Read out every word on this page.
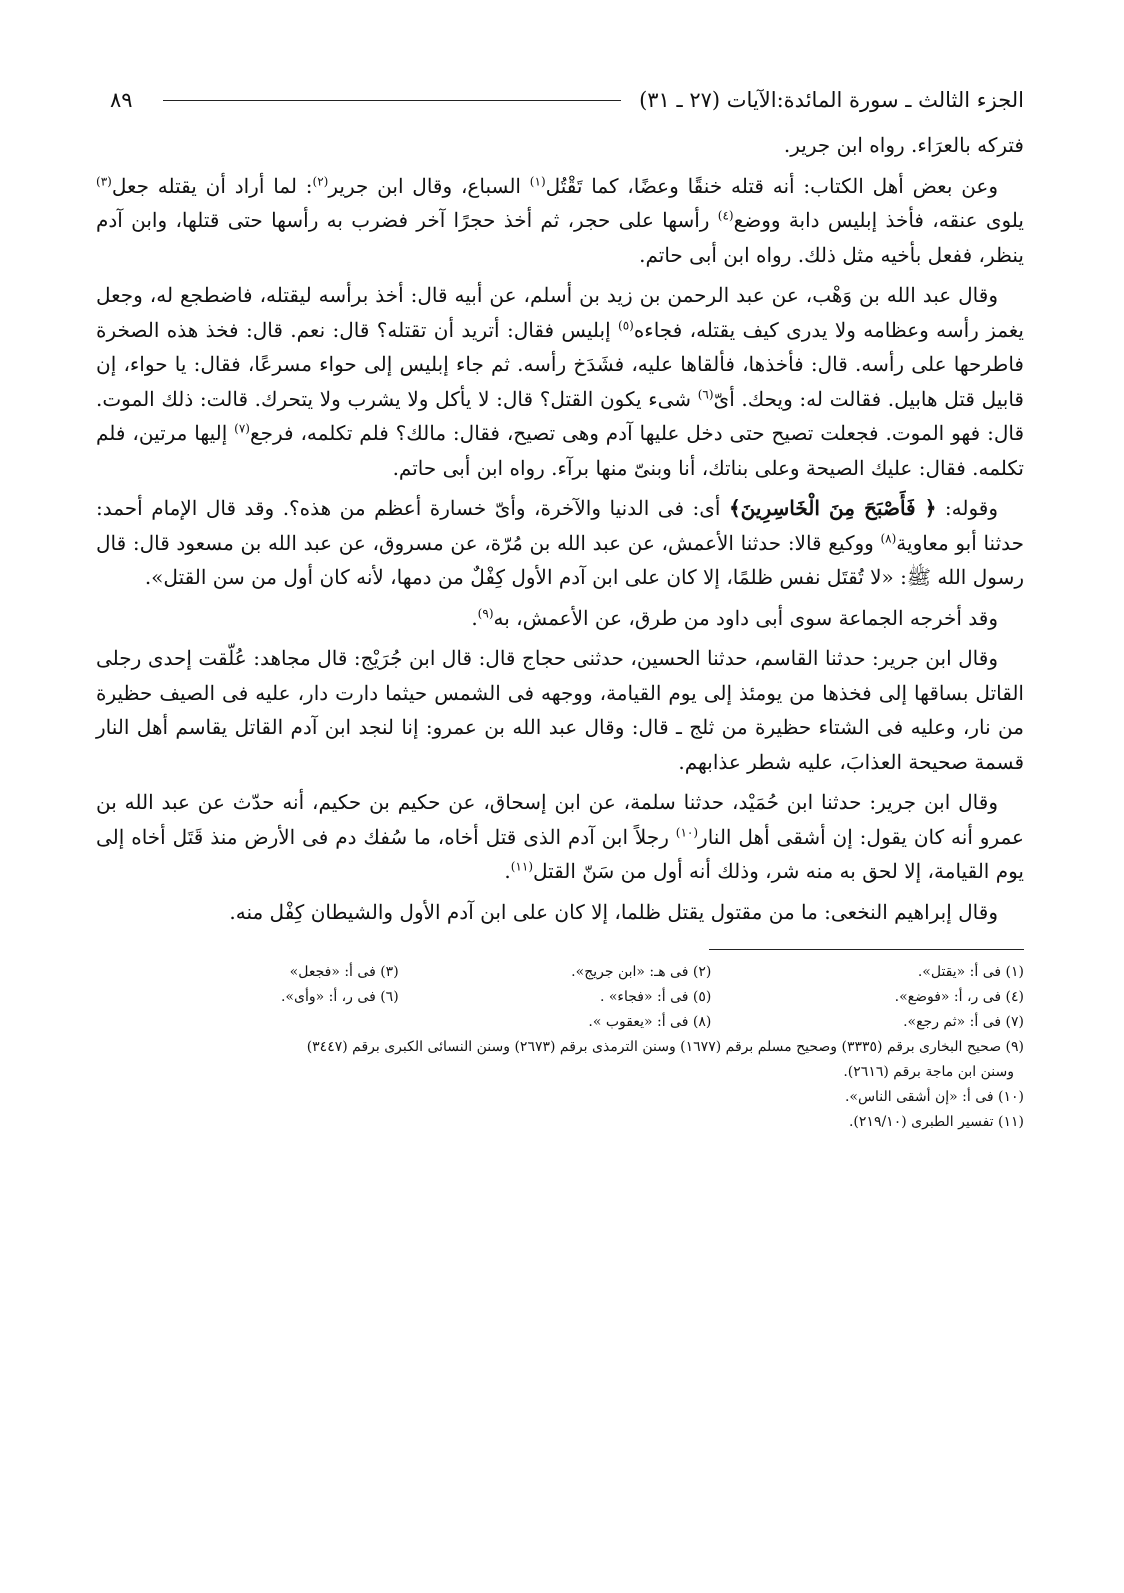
الجزء الثالث ـ سورة المائدة:الآيات (٢٧ ـ ٣١)
٨٩

فتركه بالعرَاء. رواه ابن جرير.

وعن بعض أهل الكتاب: أنه قتله خنقًا وعضًا، كما تَقْتُل$^{(١)}$ السباع، وقال ابن جرير$^{(٢)}$: لما أراد أن يقتله جعل$^{(٣)}$ يلوى عنقه، فأخذ إبليس دابة ووضع$^{(٤)}$ رأسها على حجر، ثم أخذ حجرًا آخر فضرب به رأسها حتى قتلها، وابن آدم ينظر، ففعل بأخيه مثل ذلك. رواه ابن أبى حاتم.

وقال عبد الله بن وَهْب، عن عبد الرحمن بن زيد بن أسلم، عن أبيه قال: أخذ برأسه ليقتله، فاضطجع له، وجعل يغمز رأسه وعظامه ولا يدرى كيف يقتله، فجاءه$^{(٥)}$ إبليس فقال: أتريد أن تقتله؟ قال: نعم. قال: فخذ هذه الصخرة فاطرحها على رأسه. قال: فأخذها، فألقاها عليه، فشَدَخ رأسه. ثم جاء إبليس إلى حواء مسرعًا، فقال: يا حواء، إن قابيل قتل هابيل. فقالت له: ويحك. أىّ$^{(٦)}$ شىء يكون القتل؟ قال: لا يأكل ولا يشرب ولا يتحرك. قالت: ذلك الموت. قال: فهو الموت. فجعلت تصيح حتى دخل عليها آدم وهى تصيح، فقال: مالك؟ فلم تكلمه، فرجع$^{(٧)}$ إليها مرتين، فلم تكلمه. فقال: عليك الصيحة وعلى بناتك، أنا وبنىّ منها برآء. رواه ابن أبى حاتم.

وقوله: ﴿ فَأَصْبَحَ مِنَ الْخَاسِرِينَ﴾ أى: فى الدنيا والآخرة، وأىّ خسارة أعظم من هذه؟. وقد قال الإمام أحمد: حدثنا أبو معاوية$^{(٨)}$ ووكيع قالا: حدثنا الأعمش، عن عبد الله بن مُرّة، عن مسروق، عن عبد الله بن مسعود قال: قال رسول الله ﷺ: «لا تُقتَل نفس ظلمًا، إلا كان على ابن آدم الأول كِفْلٌ من دمها، لأنه كان أول من سن القتل».

وقد أخرجه الجماعة سوى أبى داود من طرق، عن الأعمش، به$^{(٩)}$.

وقال ابن جرير: حدثنا القاسم، حدثنا الحسين، حدثنى حجاج قال: قال ابن جُرَيْج: قال مجاهد: عُلّقت إحدى رجلى القاتل بساقها إلى فخذها من يومئذ إلى يوم القيامة، ووجهه فى الشمس حيثما دارت دار، عليه فى الصيف حظيرة من نار، وعليه فى الشتاء حظيرة من ثلج ـ قال: وقال عبد الله بن عمرو: إنا لنجد ابن آدم القاتل يقاسم أهل النار قسمة صحيحة العذابَ، عليه شطر عذابهم.

وقال ابن جرير: حدثنا ابن حُمَيْد، حدثنا سلمة، عن ابن إسحاق، عن حكيم بن حكيم، أنه حدّث عن عبد الله بن عمرو أنه كان يقول: إن أشقى أهل النار$^{(١٠)}$ رجلاً ابن آدم الذى قتل أخاه، ما سُفك دم فى الأرض منذ قَتَل أخاه إلى يوم القيامة، إلا لحق به منه شر، وذلك أنه أول من سَنّ القتل$^{(١١)}$.

وقال إبراهيم النخعى: ما من مقتول يقتل ظلما، إلا كان على ابن آدم الأول والشيطان كِفْل منه.

(١) فى أ: «يقتل».
(٢) فى هـ: «ابن جريج».
(٣) فى أ: «فجعل»
(٤) فى ر، أ: «فوضع».
(٥) فى أ: «فجاء» .
(٦) فى ر، أ: «وأى».
(٧) فى أ: «ثم رجع».
(٨) فى أ: «يعقوب ».
(٩) صحيح البخارى برقم (٣٣٣٥) وصحيح مسلم برقم (١٦٧٧) وسنن الترمذى برقم (٢٦٧٣) وسنن النسائى الكبرى برقم (٣٤٤٧)
وسنن ابن ماجة برقم (٢٦١٦).
(١٠) فى أ: «إن أشقى الناس».
(١١) تفسير الطبرى (٢١٩/١٠).
